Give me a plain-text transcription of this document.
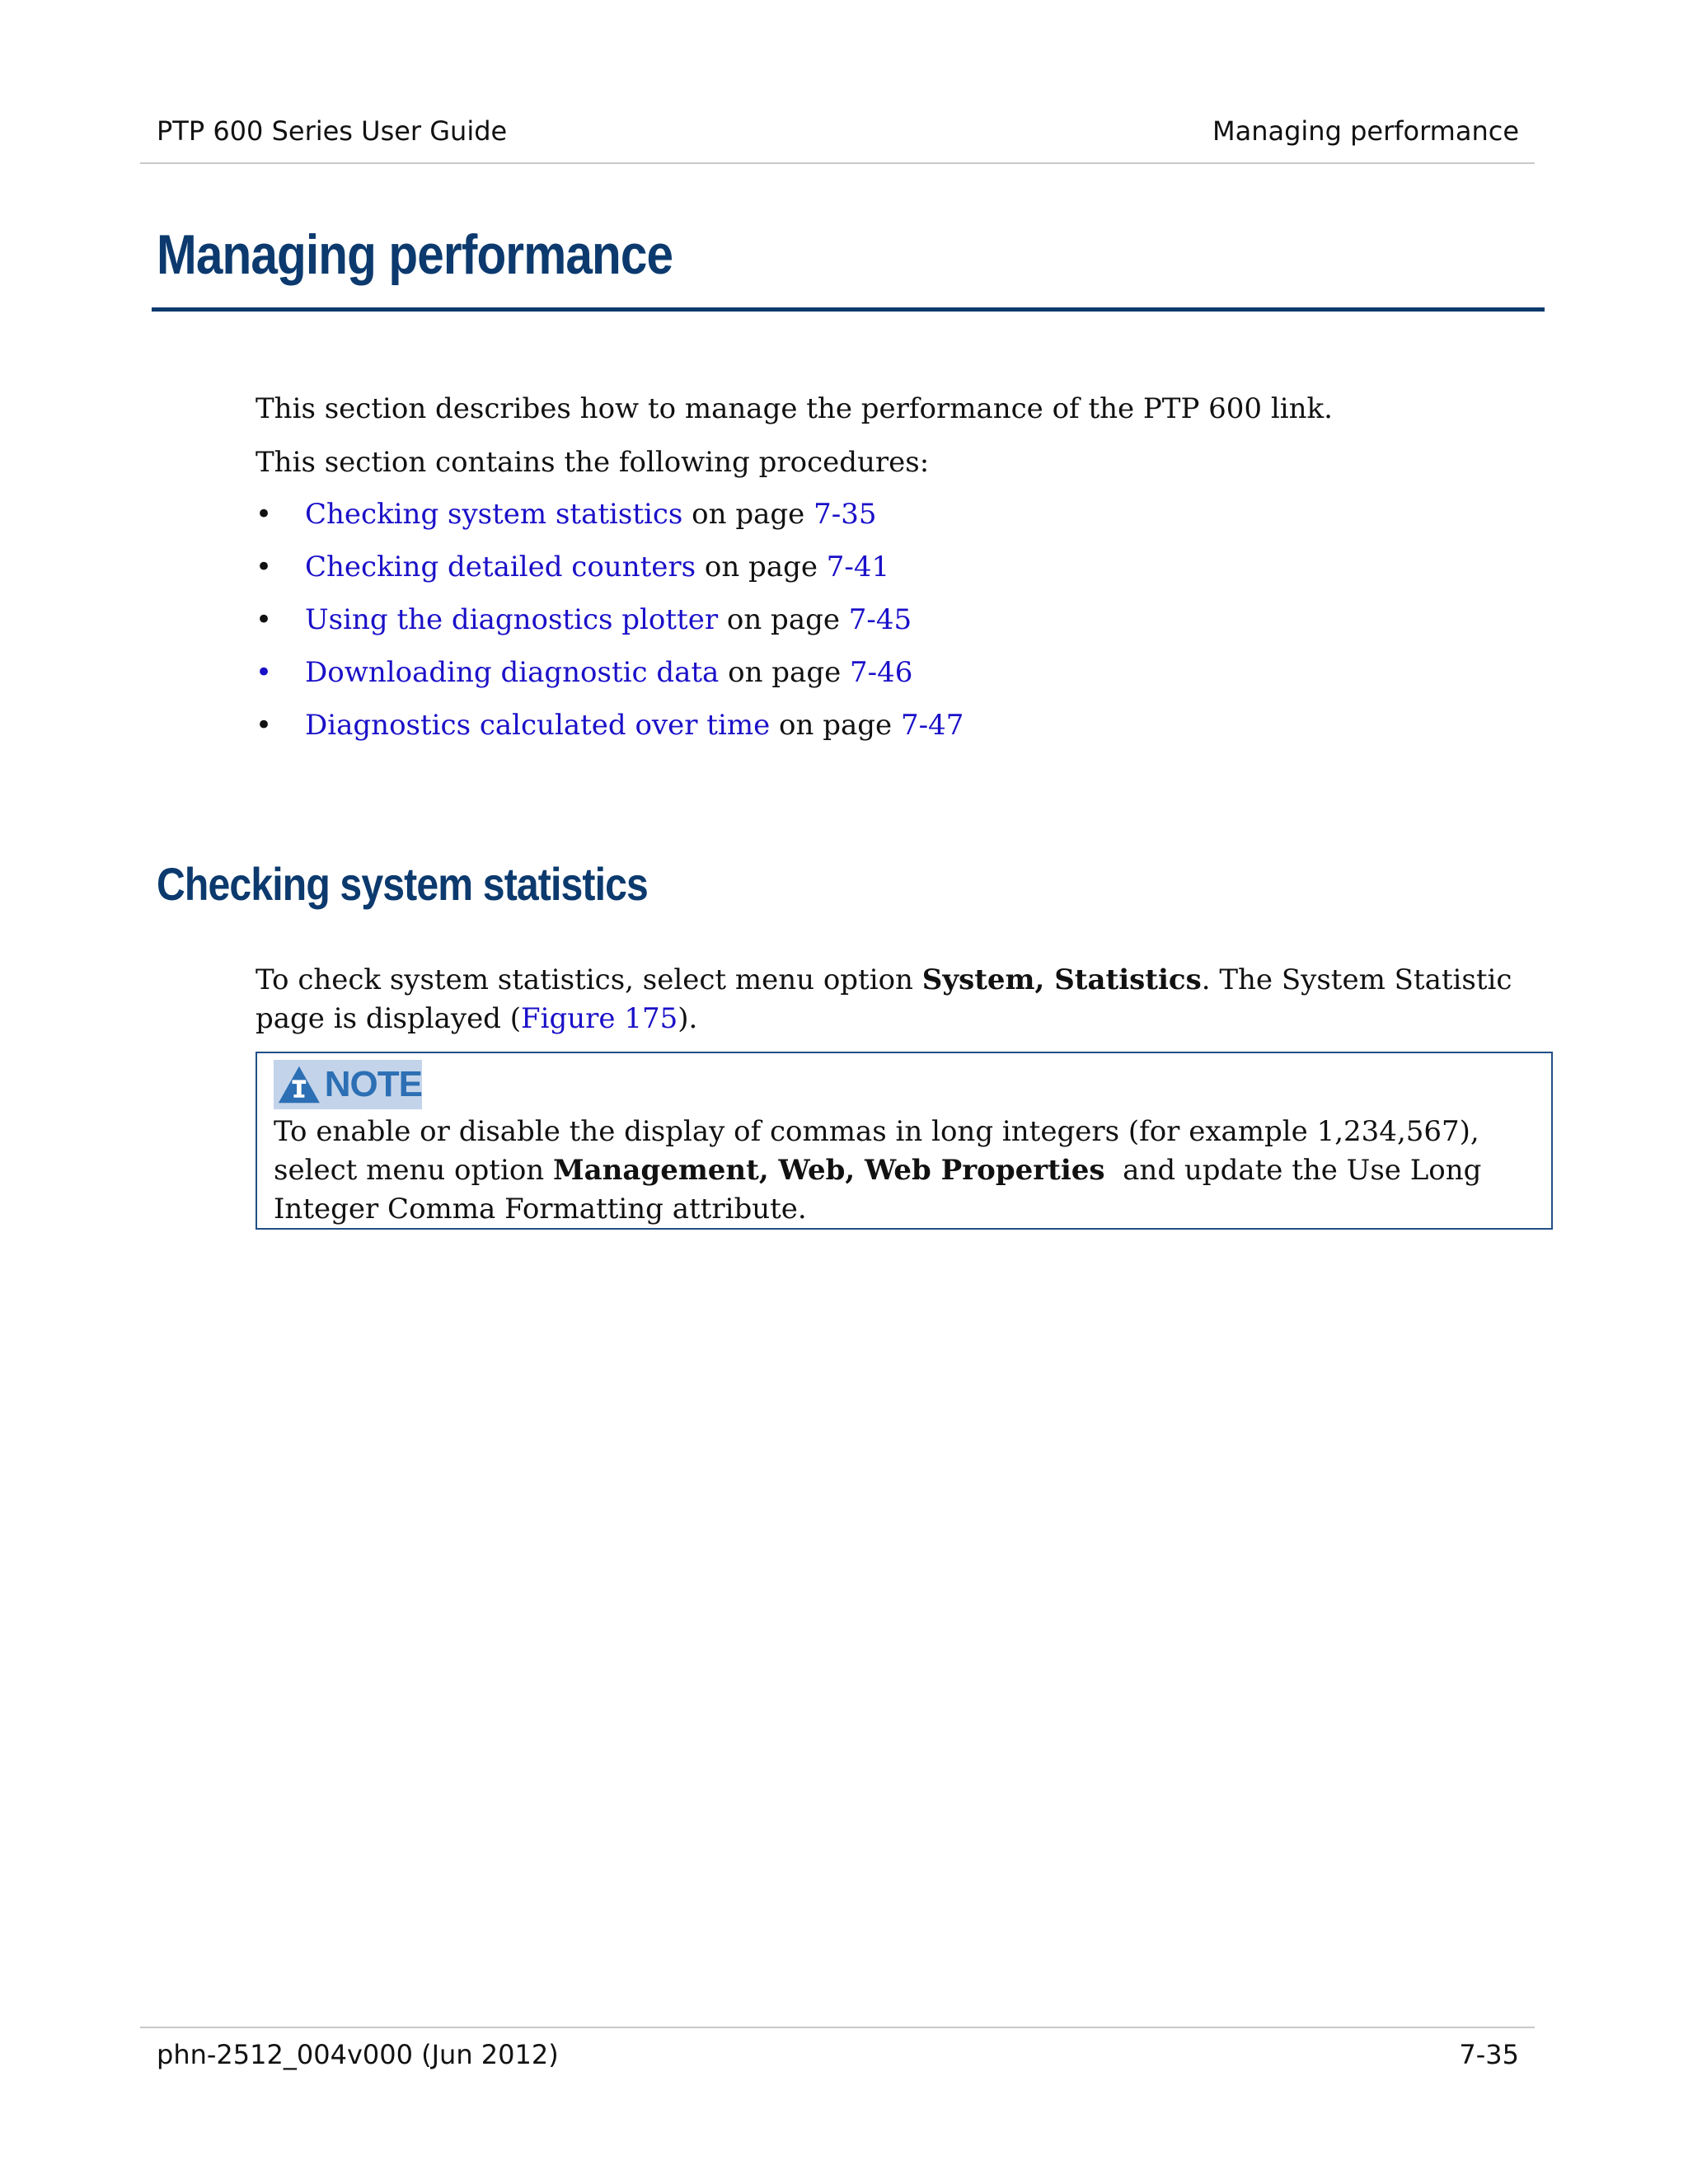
PTP 600 Series User Guide	Managing performance
Managing performance
This section describes how to manage the performance of the PTP 600 link.
This section contains the following procedures:
• Checking system statistics on page 7-35
• Checking detailed counters on page 7-41
• Using the diagnostics plotter on page 7-45
• Downloading diagnostic data on page 7-46
• Diagnostics calculated over time on page 7-47
Checking system statistics
To check system statistics, select menu option System, Statistics. The System Statistic page is displayed (Figure 175).
NOTE
To enable or disable the display of commas in long integers (for example 1,234,567), select menu option Management, Web, Web Properties  and update the Use Long Integer Comma Formatting attribute.
phn-2512_004v000 (Jun 2012)	7-35
